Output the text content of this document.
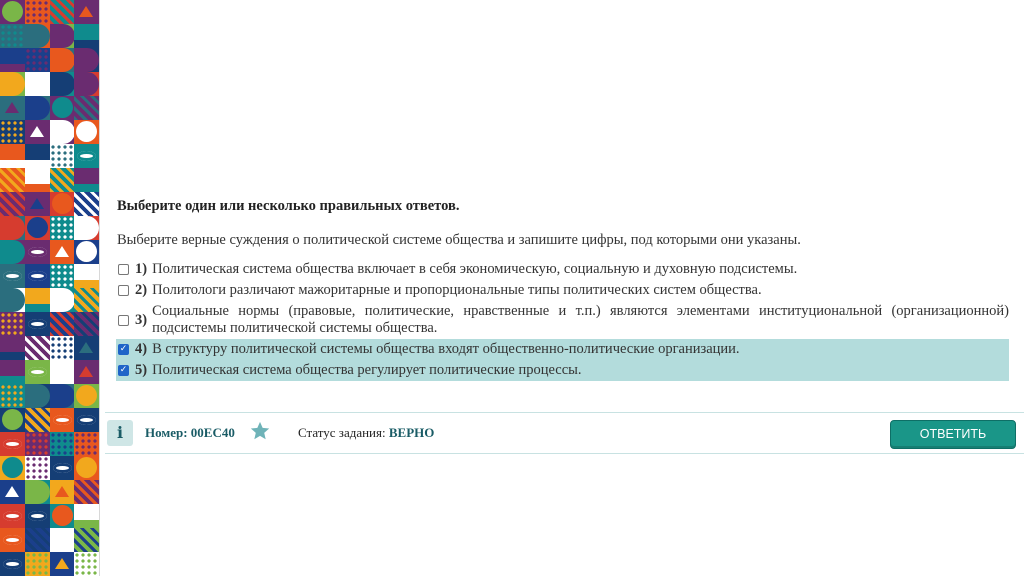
Выберите один или несколько правильных ответов.
Выберите верные суждения о политической системе общества и запишите цифры, под которыми они указаны.
1) Политическая система общества включает в себя экономическую, социальную и духовную подсистемы.
2) Политологи различают мажоритарные и пропорциональные типы политических систем общества.
3)
Социальные нормы (правовые, политические, нравственные и т.п.) являются элементами институциональной (организационной) подсистемы политической системы общества.
✓ 4) В структуру политической системы общества входят общественно-политические организации.
✓ 5) Политическая система общества регулирует политические процессы.
i	Номер: 00EC40	Статус задания: ВЕРНО	ОТВЕТИТЬ
